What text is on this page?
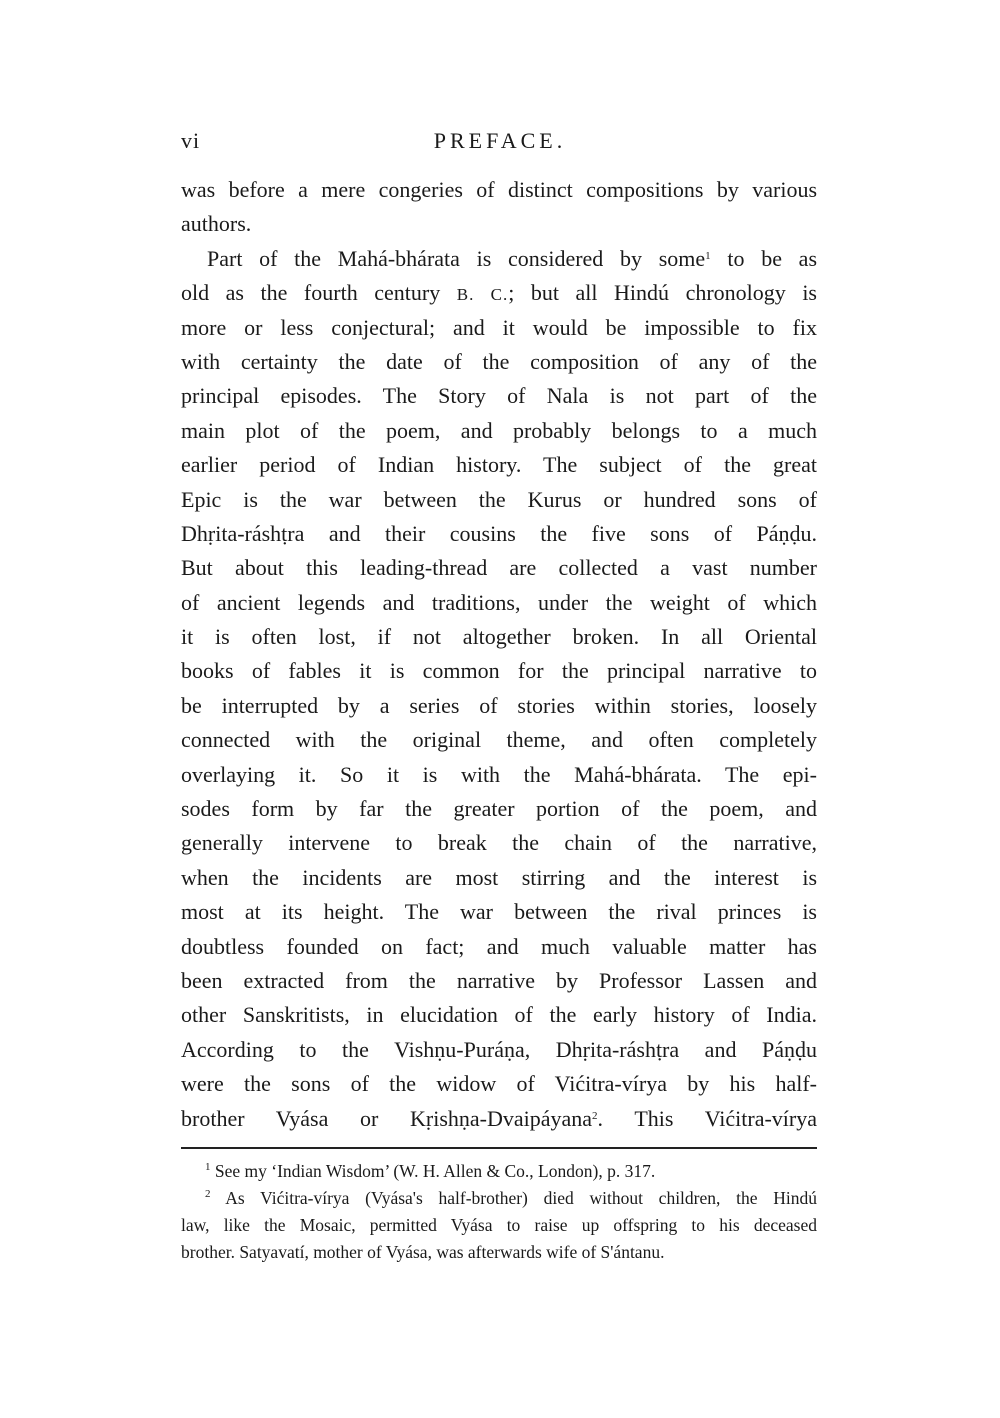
vi	PREFACE.
was before a mere congeries of distinct compositions by various
authors.
Part of the Mahá-bhárata is considered by some$^1$ to be as
old as the fourth century B. C.; but all Hindú chronology is
more or less conjectural; and it would be impossible to fix
with certainty the date of the composition of any of the
principal episodes. The Story of Nala is not part of the
main plot of the poem, and probably belongs to a much
earlier period of Indian history. The subject of the great
Epic is the war between the Kurus or hundred sons of
Dhṛita-ráshṭra and their cousins the five sons of Páṇḍu.
But about this leading-thread are collected a vast number
of ancient legends and traditions, under the weight of which
it is often lost, if not altogether broken. In all Oriental
books of fables it is common for the principal narrative to
be interrupted by a series of stories within stories, loosely
connected with the original theme, and often completely
overlaying it. So it is with the Mahá-bhárata. The epi-
sodes form by far the greater portion of the poem, and
generally intervene to break the chain of the narrative,
when the incidents are most stirring and the interest is
most at its height. The war between the rival princes is
doubtless founded on fact; and much valuable matter has
been extracted from the narrative by Professor Lassen and
other Sanskritists, in elucidation of the early history of India.
According to the Vishṇu-Puráṇa, Dhṛita-ráshṭra and Páṇḍu
were the sons of the widow of Vićitra-vírya by his half-
brother Vyása or Kṛishṇa-Dvaipáyana$^2$. This Vićitra-vírya
$^1$ See my ‘Indian Wisdom’ (W. H. Allen & Co., London), p. 317.
$^2$ As Vićitra-vírya (Vyása's half-brother) died without children, the Hindú
law, like the Mosaic, permitted Vyása to raise up offspring to his deceased
brother. Satyavatí, mother of Vyása, was afterwards wife of S'ántanu.
